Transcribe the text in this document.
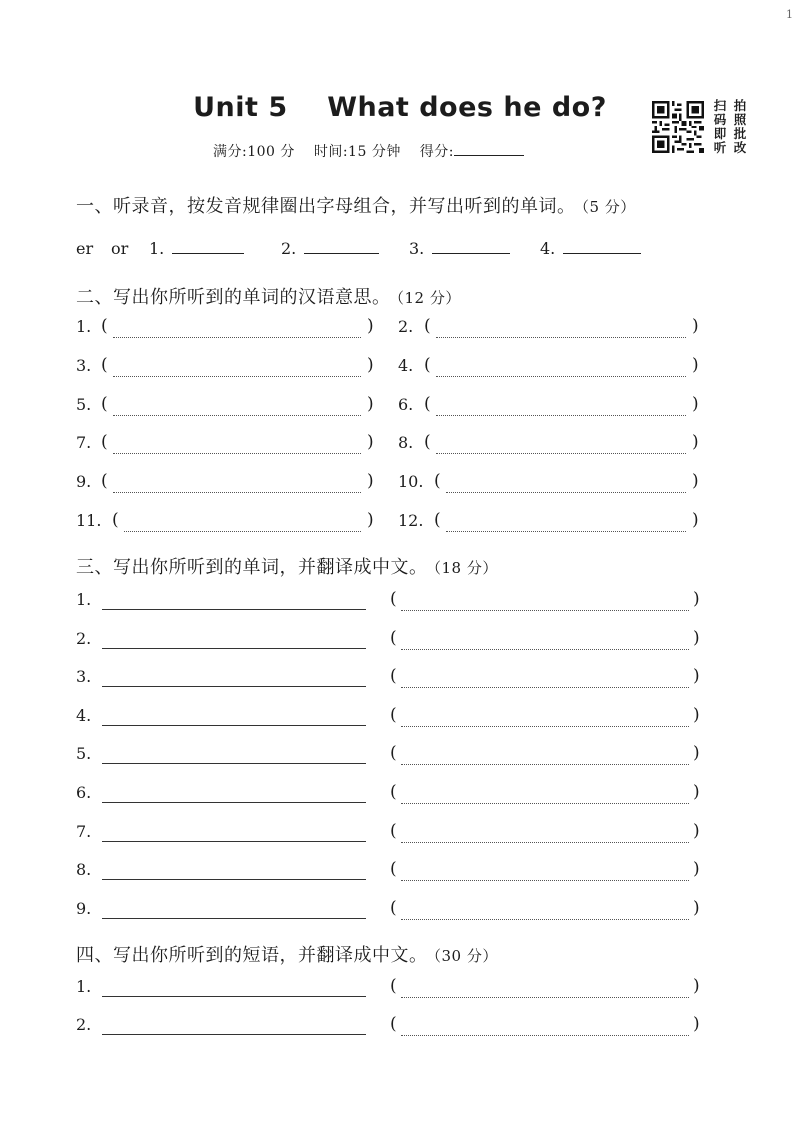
1
Unit 5    What does he do?
满分:100 分 时间:15 分钟 得分:
扫 拍
码 照
即 批
听 改
一、听录音，按发音规律圈出字母组合，并写出听到的单词。 （5 分）
er or 1.	2.	3.	4.
二、写出你所听到的单词的汉语意思。 （12 分）
1. (	) 2. (	)
3. (	) 4. (	)
5. (	) 6. (	)
7. (	) 8. (	)
9. (	) 10. (	)
11. (	) 12. (	)
三、写出你所听到的单词，并翻译成中文。 （18 分）
1.	(	)
2.	(	)
3.	(	)
4.	(	)
5.	(	)
6.	(	)
7.	(	)
8.	(	)
9.	(	)
四、写出你所听到的短语，并翻译成中文。 （30 分）
1.	(	)
2.	(	)
